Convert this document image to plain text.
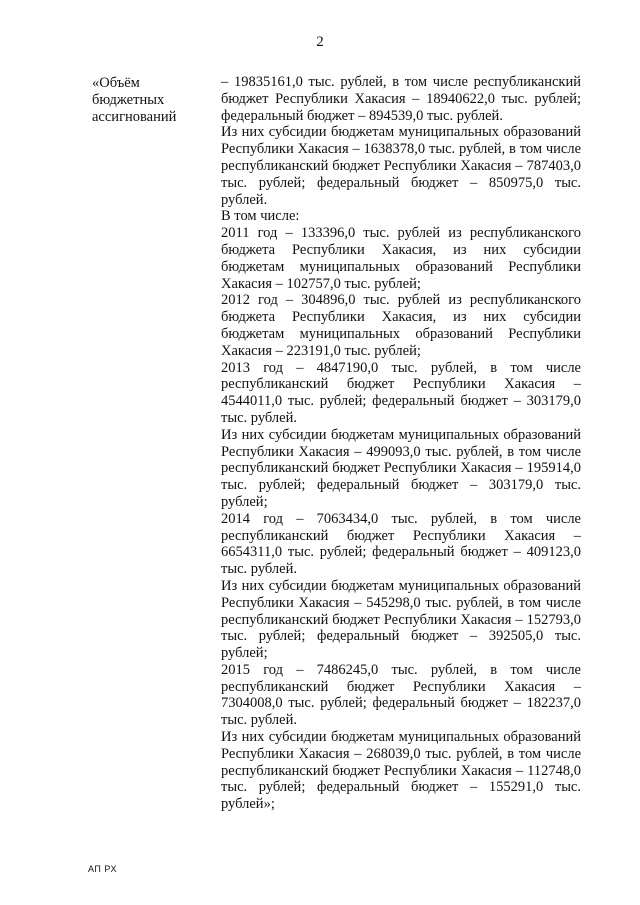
2
«Объём
бюджетных
ассигнований

– 19835161,0 тыс. рублей, в том числе республиканский бюджет Республики Хакасия – 18940622,0 тыс. рублей; федеральный бюджет – 894539,0 тыс. рублей.

Из них субсидии бюджетам муниципальных образований Республики Хакасия – 1638378,0 тыс. рублей, в том числе республиканский бюджет Республики Хакасия – 787403,0 тыс. рублей; федеральный бюджет – 850975,0 тыс. рублей.

В том числе:

2011 год – 133396,0 тыс. рублей из республиканского бюджета Республики Хакасия, из них субсидии бюджетам муниципальных образований Республики Хакасия – 102757,0 тыс. рублей;

2012 год – 304896,0 тыс. рублей из республиканского бюджета Республики Хакасия, из них субсидии бюджетам муниципальных образований Республики Хакасия – 223191,0 тыс. рублей;

2013 год – 4847190,0 тыс. рублей, в том числе республиканский бюджет Республики Хакасия – 4544011,0 тыс. рублей; федеральный бюджет – 303179,0 тыс. рублей.

Из них субсидии бюджетам муниципальных образований Республики Хакасия – 499093,0 тыс. рублей, в том числе республиканский бюджет Республики Хакасия – 195914,0 тыс. рублей; федеральный бюджет – 303179,0 тыс. рублей;

2014 год – 7063434,0 тыс. рублей, в том числе республиканский бюджет Республики Хакасия – 6654311,0 тыс. рублей; федеральный бюджет – 409123,0 тыс. рублей.

Из них субсидии бюджетам муниципальных образований Республики Хакасия – 545298,0 тыс. рублей, в том числе республиканский бюджет Республики Хакасия – 152793,0 тыс. рублей; федеральный бюджет – 392505,0 тыс. рублей;

2015 год – 7486245,0 тыс. рублей, в том числе республиканский бюджет Республики Хакасия – 7304008,0 тыс. рублей; федеральный бюджет – 182237,0 тыс. рублей.

Из них субсидии бюджетам муниципальных образований Республики Хакасия – 268039,0 тыс. рублей, в том числе республиканский бюджет Республики Хакасия – 112748,0 тыс. рублей; федеральный бюджет – 155291,0 тыс. рублей»;

АП РХ
